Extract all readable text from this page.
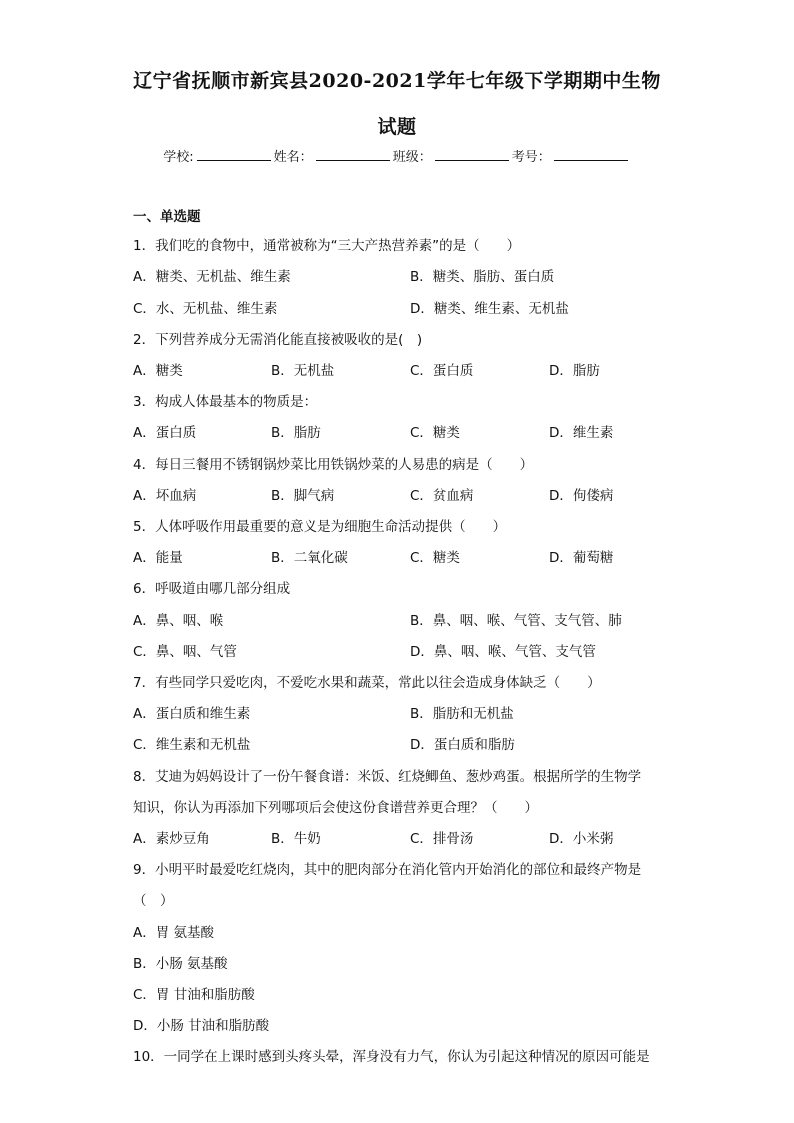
辽宁省抚顺市新宾县2020-2021学年七年级下学期期中生物
试题
学校:	姓名：	班级：	考号：
一、单选题
1．我们吃的食物中，通常被称为“三大产热营养素”的是（　　）
A．糖类、无机盐、维生素	B．糖类、脂肪、蛋白质
C．水、无机盐、维生素	D．糖类、维生素、无机盐
2．下列营养成分无需消化能直接被吸收的是(　)
A．糖类	B．无机盐	C．蛋白质	D．脂肪
3．构成人体最基本的物质是：
A．蛋白质	B．脂肪	C．糖类	D．维生素
4．每日三餐用不锈钢锅炒菜比用铁锅炒菜的人易患的病是（　　）
A．坏血病	B．脚气病	C．贫血病	D．佝偻病
5．人体呼吸作用最重要的意义是为细胞生命活动提供（　　）
A．能量	B．二氧化碳	C．糖类	D．葡萄糖
6．呼吸道由哪几部分组成
A．鼻、咽、喉	B．鼻、咽、喉、气管、支气管、肺
C．鼻、咽、气管	D．鼻、咽、喉、气管、支气管
7．有些同学只爱吃肉，不爱吃水果和蔬菜，常此以往会造成身体缺乏（　　）
A．蛋白质和维生素	B．脂肪和无机盐
C．维生素和无机盐	D．蛋白质和脂肪
8．艾迪为妈妈设计了一份午餐食谱：米饭、红烧鲫鱼、葱炒鸡蛋。根据所学的生物学
知识，你认为再添加下列哪项后会使这份食谱营养更合理？（　　）
A．素炒豆角	B．牛奶	C．排骨汤	D．小米粥
9．小明平时最爱吃红烧肉，其中的肥肉部分在消化管内开始消化的部位和最终产物是
（　）
A．胃 氨基酸
B．小肠 氨基酸
C．胃 甘油和脂肪酸
D．小肠 甘油和脂肪酸
10．一同学在上课时感到头疼头晕，浑身没有力气，你认为引起这种情况的原因可能是
